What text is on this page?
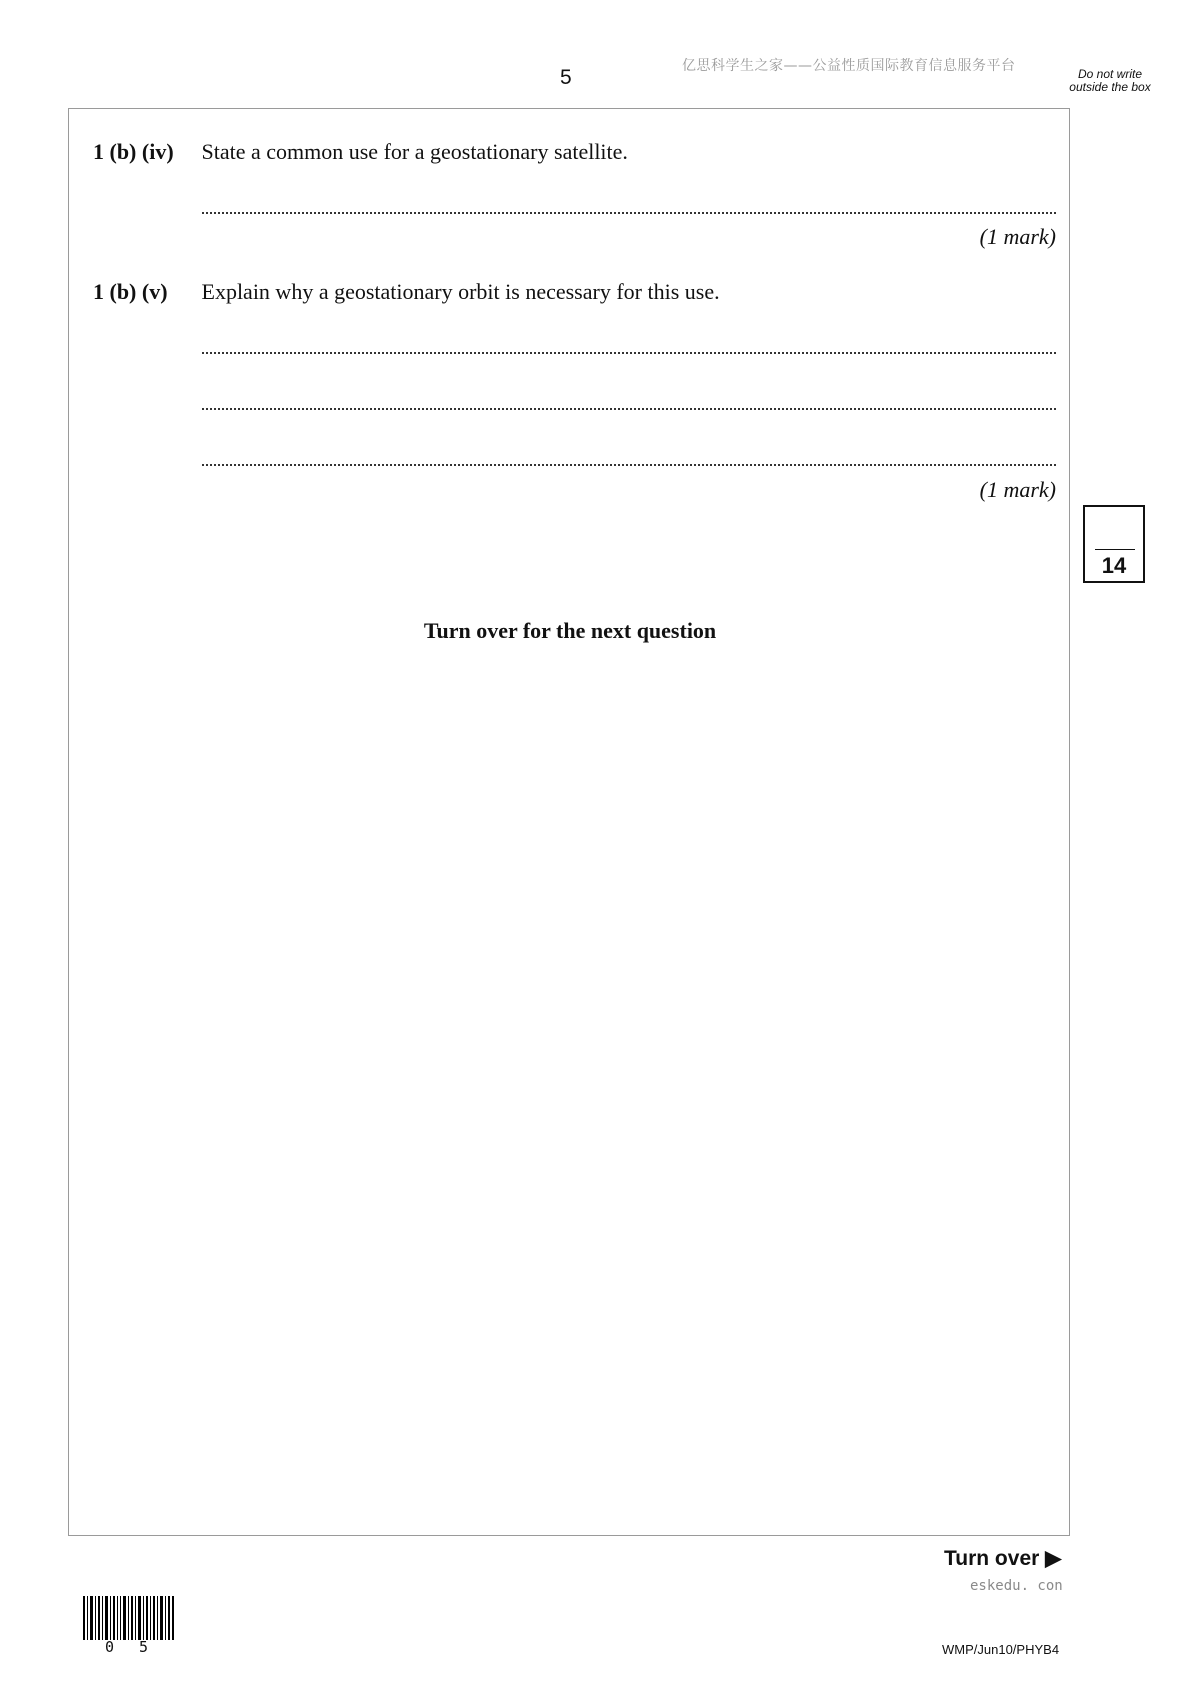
5	亿思科学生之家——公益性质国际教育信息服务平台	Do not write outside the box
1 (b) (iv) State a common use for a geostationary satellite.
(1 mark)
1 (b) (v) Explain why a geostationary orbit is necessary for this use.
(1 mark)
Turn over for the next question
14
Turn over ▶
eskedu. con
0 5	WMP/Jun10/PHYB4
